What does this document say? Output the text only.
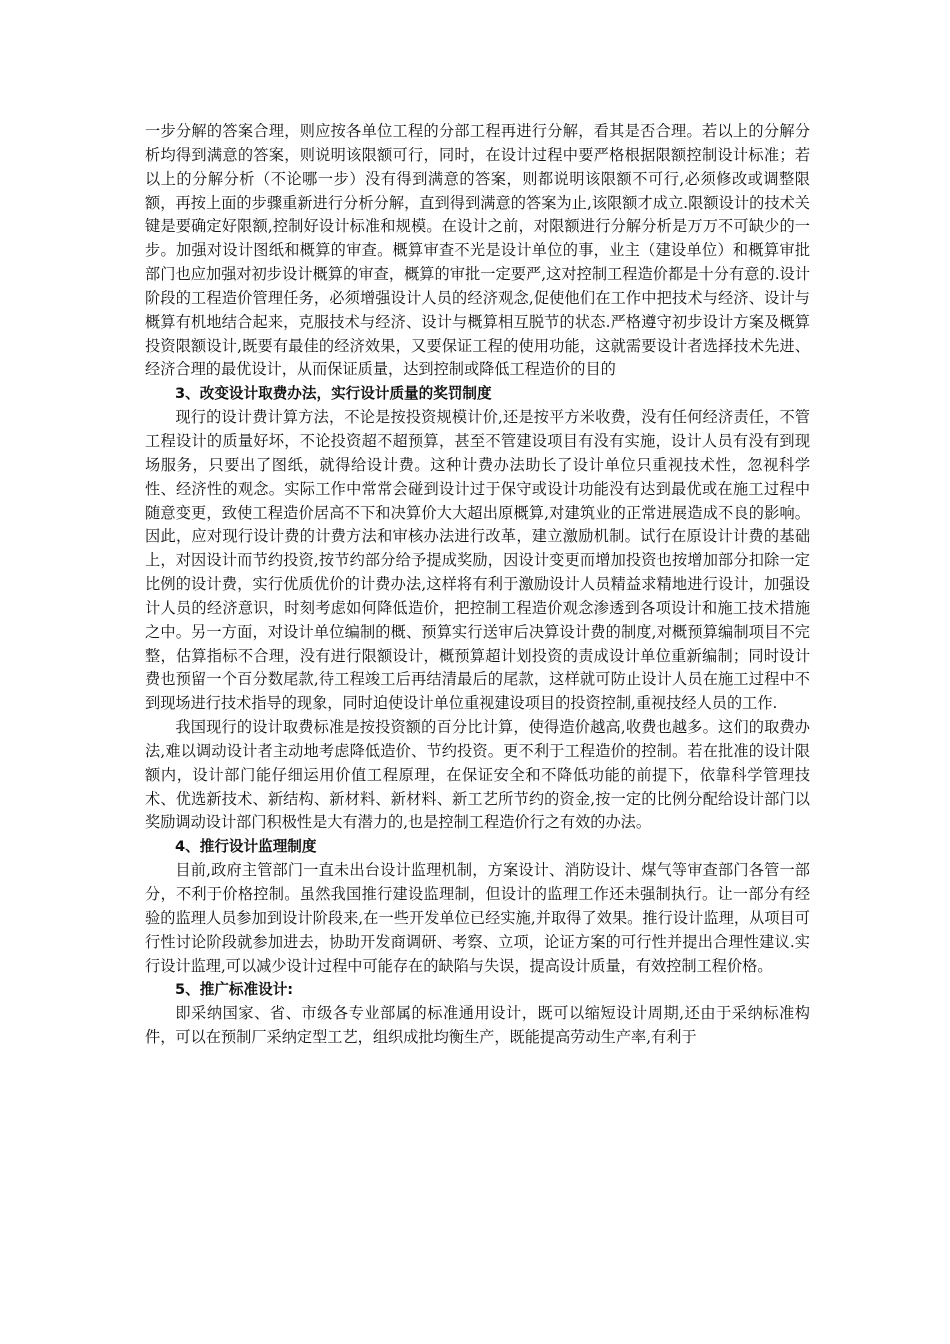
一步分解的答案合理，则应按各单位工程的分部工程再进行分解，看其是否合理。若以上的分解分析均得到满意的答案，则说明该限额可行，同时，在设计过程中要严格根据限额控制设计标准；若以上的分解分析（不论哪一步）没有得到满意的答案，则都说明该限额不可行,必须修改或调整限额，再按上面的步骤重新进行分析分解，直到得到满意的答案为止,该限额才成立.限额设计的技术关键是要确定好限额,控制好设计标准和规模。在设计之前，对限额进行分解分析是万万不可缺少的一步。加强对设计图纸和概算的审查。概算审查不光是设计单位的事，业主（建设单位）和概算审批部门也应加强对初步设计概算的审查，概算的审批一定要严,这对控制工程造价都是十分有意的.设计阶段的工程造价管理任务，必须增强设计人员的经济观念,促使他们在工作中把技术与经济、设计与概算有机地结合起来，克服技术与经济、设计与概算相互脱节的状态.严格遵守初步设计方案及概算投资限额设计,既要有最佳的经济效果，又要保证工程的使用功能，这就需要设计者选择技术先进、经济合理的最优设计，从而保证质量，达到控制或降低工程造价的目的

3、改变设计取费办法，实行设计质量的奖罚制度

现行的设计费计算方法，不论是按投资规模计价,还是按平方米收费，没有任何经济责任，不管工程设计的质量好坏，不论投资超不超预算，甚至不管建设项目有没有实施，设计人员有没有到现场服务，只要出了图纸，就得给设计费。这种计费办法助长了设计单位只重视技术性，忽视科学性、经济性的观念。实际工作中常常会碰到设计过于保守或设计功能没有达到最优或在施工过程中随意变更，致使工程造价居高不下和决算价大大超出原概算,对建筑业的正常进展造成不良的影响。因此，应对现行设计费的计费方法和审核办法进行改革，建立激励机制。试行在原设计计费的基础上，对因设计而节约投资,按节约部分给予提成奖励，因设计变更而增加投资也按增加部分扣除一定比例的设计费，实行优质优价的计费办法,这样将有利于激励设计人员精益求精地进行设计，加强设计人员的经济意识，时刻考虑如何降低造价，把控制工程造价观念渗透到各项设计和施工技术措施之中。另一方面，对设计单位编制的概、预算实行送审后决算设计费的制度,对概预算编制项目不完整，估算指标不合理，没有进行限额设计，概预算超计划投资的责成设计单位重新编制；同时设计费也预留一个百分数尾款,待工程竣工后再结清最后的尾款，这样就可防止设计人员在施工过程中不到现场进行技术指导的现象，同时迫使设计单位重视建设项目的投资控制,重视技经人员的工作.

我国现行的设计取费标准是按投资额的百分比计算，使得造价越高,收费也越多。这们的取费办法,难以调动设计者主动地考虑降低造价、节约投资。更不利于工程造价的控制。若在批准的设计限额内，设计部门能仔细运用价值工程原理，在保证安全和不降低功能的前提下，依靠科学管理技术、优选新技术、新结构、新材料、新材料、新工艺所节约的资金,按一定的比例分配给设计部门以奖励调动设计部门积极性是大有潜力的,也是控制工程造价行之有效的办法。

4、推行设计监理制度

目前,政府主管部门一直未出台设计监理机制，方案设计、消防设计、煤气等审查部门各管一部分，不利于价格控制。虽然我国推行建设监理制，但设计的监理工作还未强制执行。让一部分有经验的监理人员参加到设计阶段来,在一些开发单位已经实施,并取得了效果。推行设计监理，从项目可行性讨论阶段就参加进去，协助开发商调研、考察、立项，论证方案的可行性并提出合理性建议.实行设计监理,可以减少设计过程中可能存在的缺陷与失误，提高设计质量，有效控制工程价格。

5、推广标准设计:

即采纳国家、省、市级各专业部属的标准通用设计，既可以缩短设计周期,还由于采纳标准构件，可以在预制厂采纳定型工艺，组织成批均衡生产，既能提高劳动生产率,有利于
